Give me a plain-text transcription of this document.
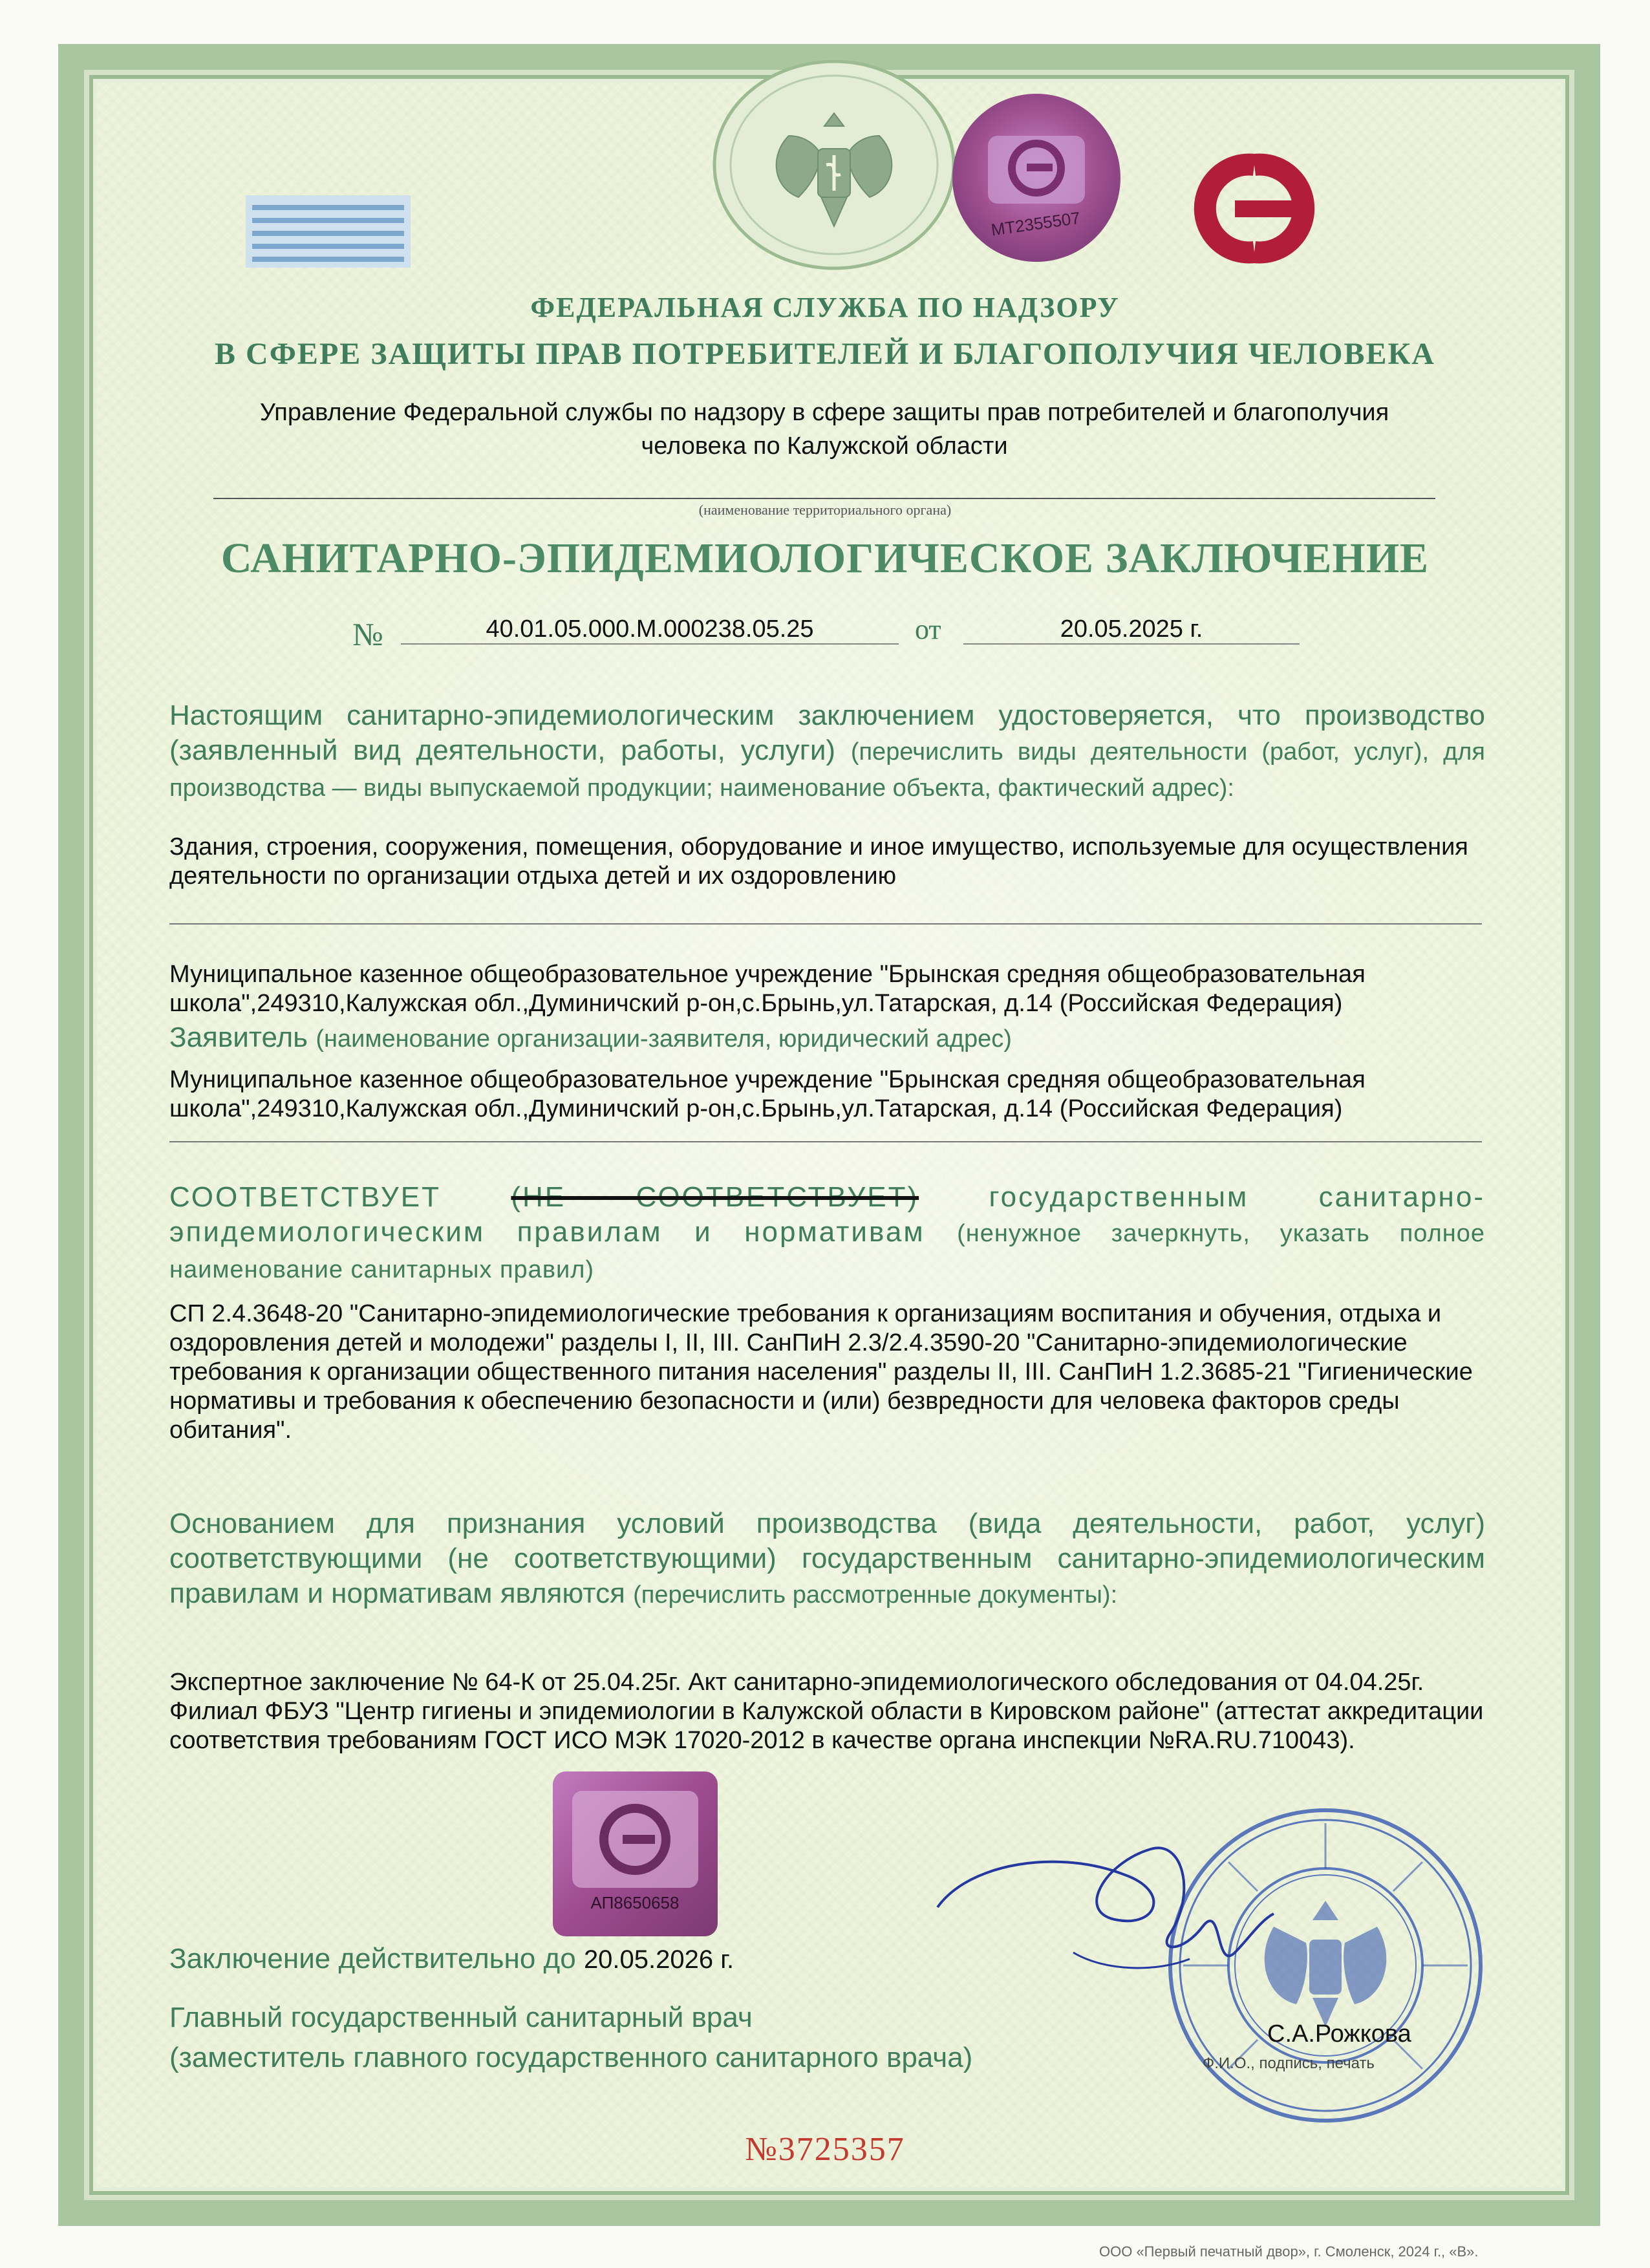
MT2355507
ФЕДЕРАЛЬНАЯ СЛУЖБА ПО НАДЗОРУ
В СФЕРЕ ЗАЩИТЫ ПРАВ ПОТРЕБИТЕЛЕЙ И БЛАГОПОЛУЧИЯ ЧЕЛОВЕКА
Управление Федеральной службы по надзору в сфере защиты прав потребителей и благополучия
человека по Калужской области
(наименование территориального органа)
САНИТАРНО-ЭПИДЕМИОЛОГИЧЕСКОЕ ЗАКЛЮЧЕНИЕ
№	40.01.05.000.M.000238.05.25	от	20.05.2025 г.
Настоящим санитарно-эпидемиологическим заключением удостоверяется, что производство (заявленный вид деятельности, работы, услуги) (перечислить виды деятельности (работ, услуг), для производства — виды выпускаемой продукции; наименование объекта, фактический адрес):
Здания, строения, сооружения, помещения, оборудование и иное имущество, используемые для осуществления деятельности по организации отдыха детей и их оздоровлению
Муниципальное казенное общеобразовательное учреждение "Брынская средняя общеобразовательная школа",249310,Калужская обл.,Думиничский р-он,с.Брынь,ул.Татарская, д.14 (Российская Федерация)
Заявитель (наименование организации-заявителя, юридический адрес)
Муниципальное казенное общеобразовательное учреждение "Брынская средняя общеобразовательная школа",249310,Калужская обл.,Думиничский р-он,с.Брынь,ул.Татарская, д.14 (Российская Федерация)
СООТВЕТСТВУЕТ (НЕ СООТВЕТСТВУЕТ) государственным санитарно-эпидемиологическим правилам и нормативам (ненужное зачеркнуть, указать полное наименование санитарных правил)
СП 2.4.3648-20 "Санитарно-эпидемиологические требования к организациям воспитания и обучения, отдыха и оздоровления детей и молодежи" разделы I, II, III. СанПиН 2.3/2.4.3590-20 "Санитарно-эпидемиологические требования к организации общественного питания населения" разделы II, III. СанПиН 1.2.3685-21 "Гигиенические нормативы и требования к обеспечению безопасности и (или) безвредности для человека факторов среды обитания".
Основанием для признания условий производства (вида деятельности, работ, услуг) соответствующими (не соответствующими) государственным санитарно-эпидемиологическим правилам и нормативам являются (перечислить рассмотренные документы):
Экспертное заключение № 64-К от 25.04.25г. Акт санитарно-эпидемиологического обследования от 04.04.25г. Филиал ФБУЗ "Центр гигиены и эпидемиологии в Калужской области в Кировском районе" (аттестат аккредитации соответствия требованиям ГОСТ ИСО МЭК 17020-2012 в качестве органа инспекции №RA.RU.710043).
АП8650658
Заключение действительно до 20.05.2026 г.
Главный государственный санитарный врач
(заместитель главного государственного санитарного врача)
С.А.Рожкова
Ф.И.О., подпись, печать
№3725357
ООО «Первый печатный двор», г. Смоленск, 2024 г., «В».
